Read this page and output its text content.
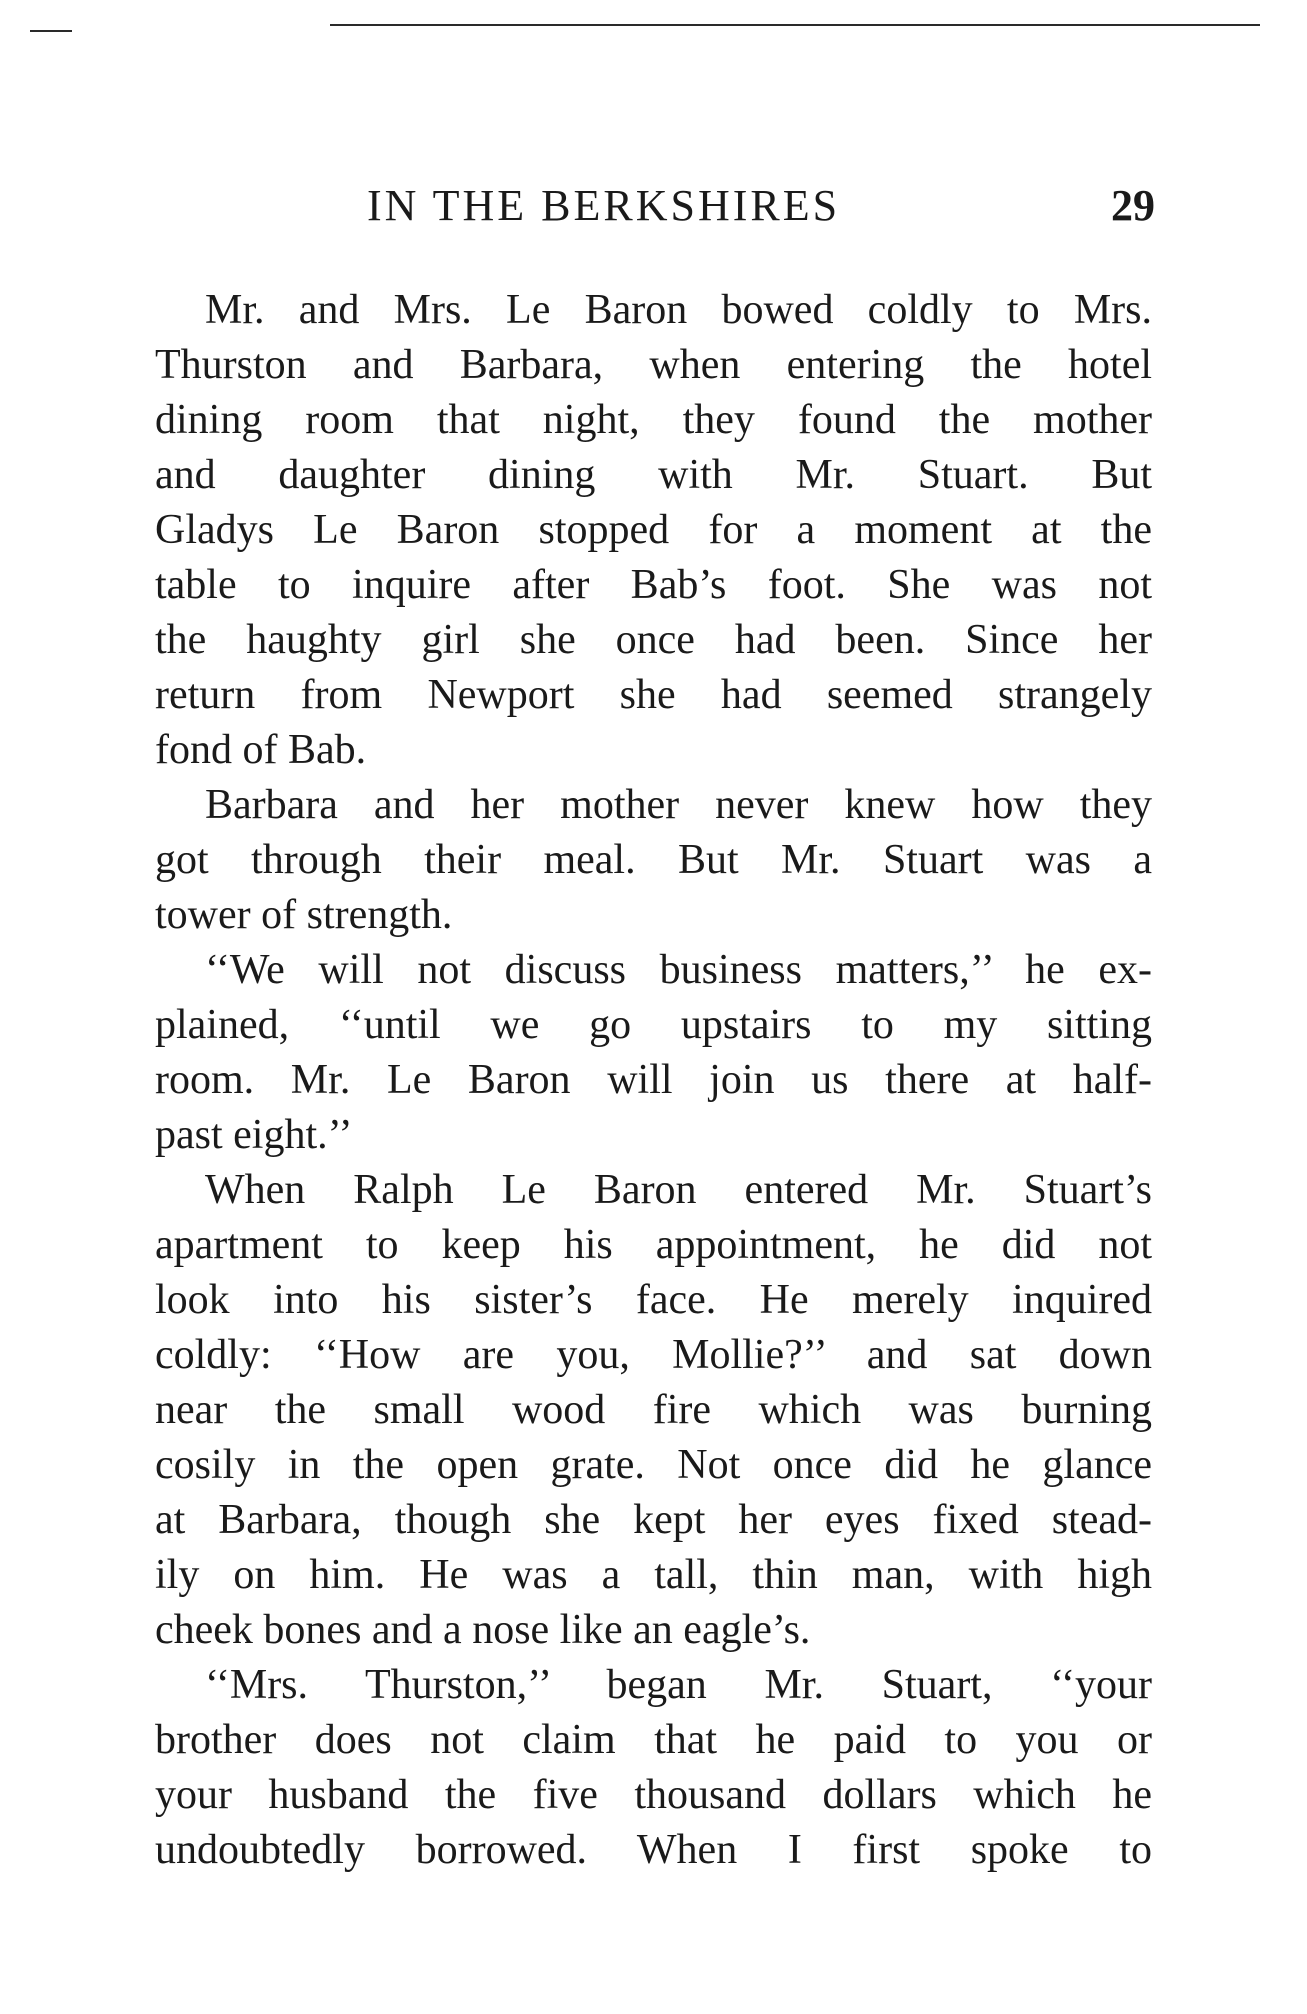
IN THE BERKSHIRES	29
Mr. and Mrs. Le Baron bowed coldly to Mrs.
Thurston and Barbara, when entering the hotel
dining room that night, they found the mother
and daughter dining with Mr. Stuart. But
Gladys Le Baron stopped for a moment at the
table to inquire after Bab’s foot. She was not
the haughty girl she once had been. Since her
return from Newport she had seemed strangely
fond of Bab.
Barbara and her mother never knew how they
got through their meal. But Mr. Stuart was a
tower of strength.
‘‘We will not discuss business matters,’’ he ex-
plained, ‘‘until we go upstairs to my sitting
room. Mr. Le Baron will join us there at half-
past eight.’’
When Ralph Le Baron entered Mr. Stuart’s
apartment to keep his appointment, he did not
look into his sister’s face. He merely inquired
coldly: ‘‘How are you, Mollie?’’ and sat down
near the small wood fire which was burning
cosily in the open grate. Not once did he glance
at Barbara, though she kept her eyes fixed stead-
ily on him. He was a tall, thin man, with high
cheek bones and a nose like an eagle’s.
‘‘Mrs. Thurston,’’ began Mr. Stuart, ‘‘your
brother does not claim that he paid to you or
your husband the five thousand dollars which he
undoubtedly borrowed. When I first spoke to
